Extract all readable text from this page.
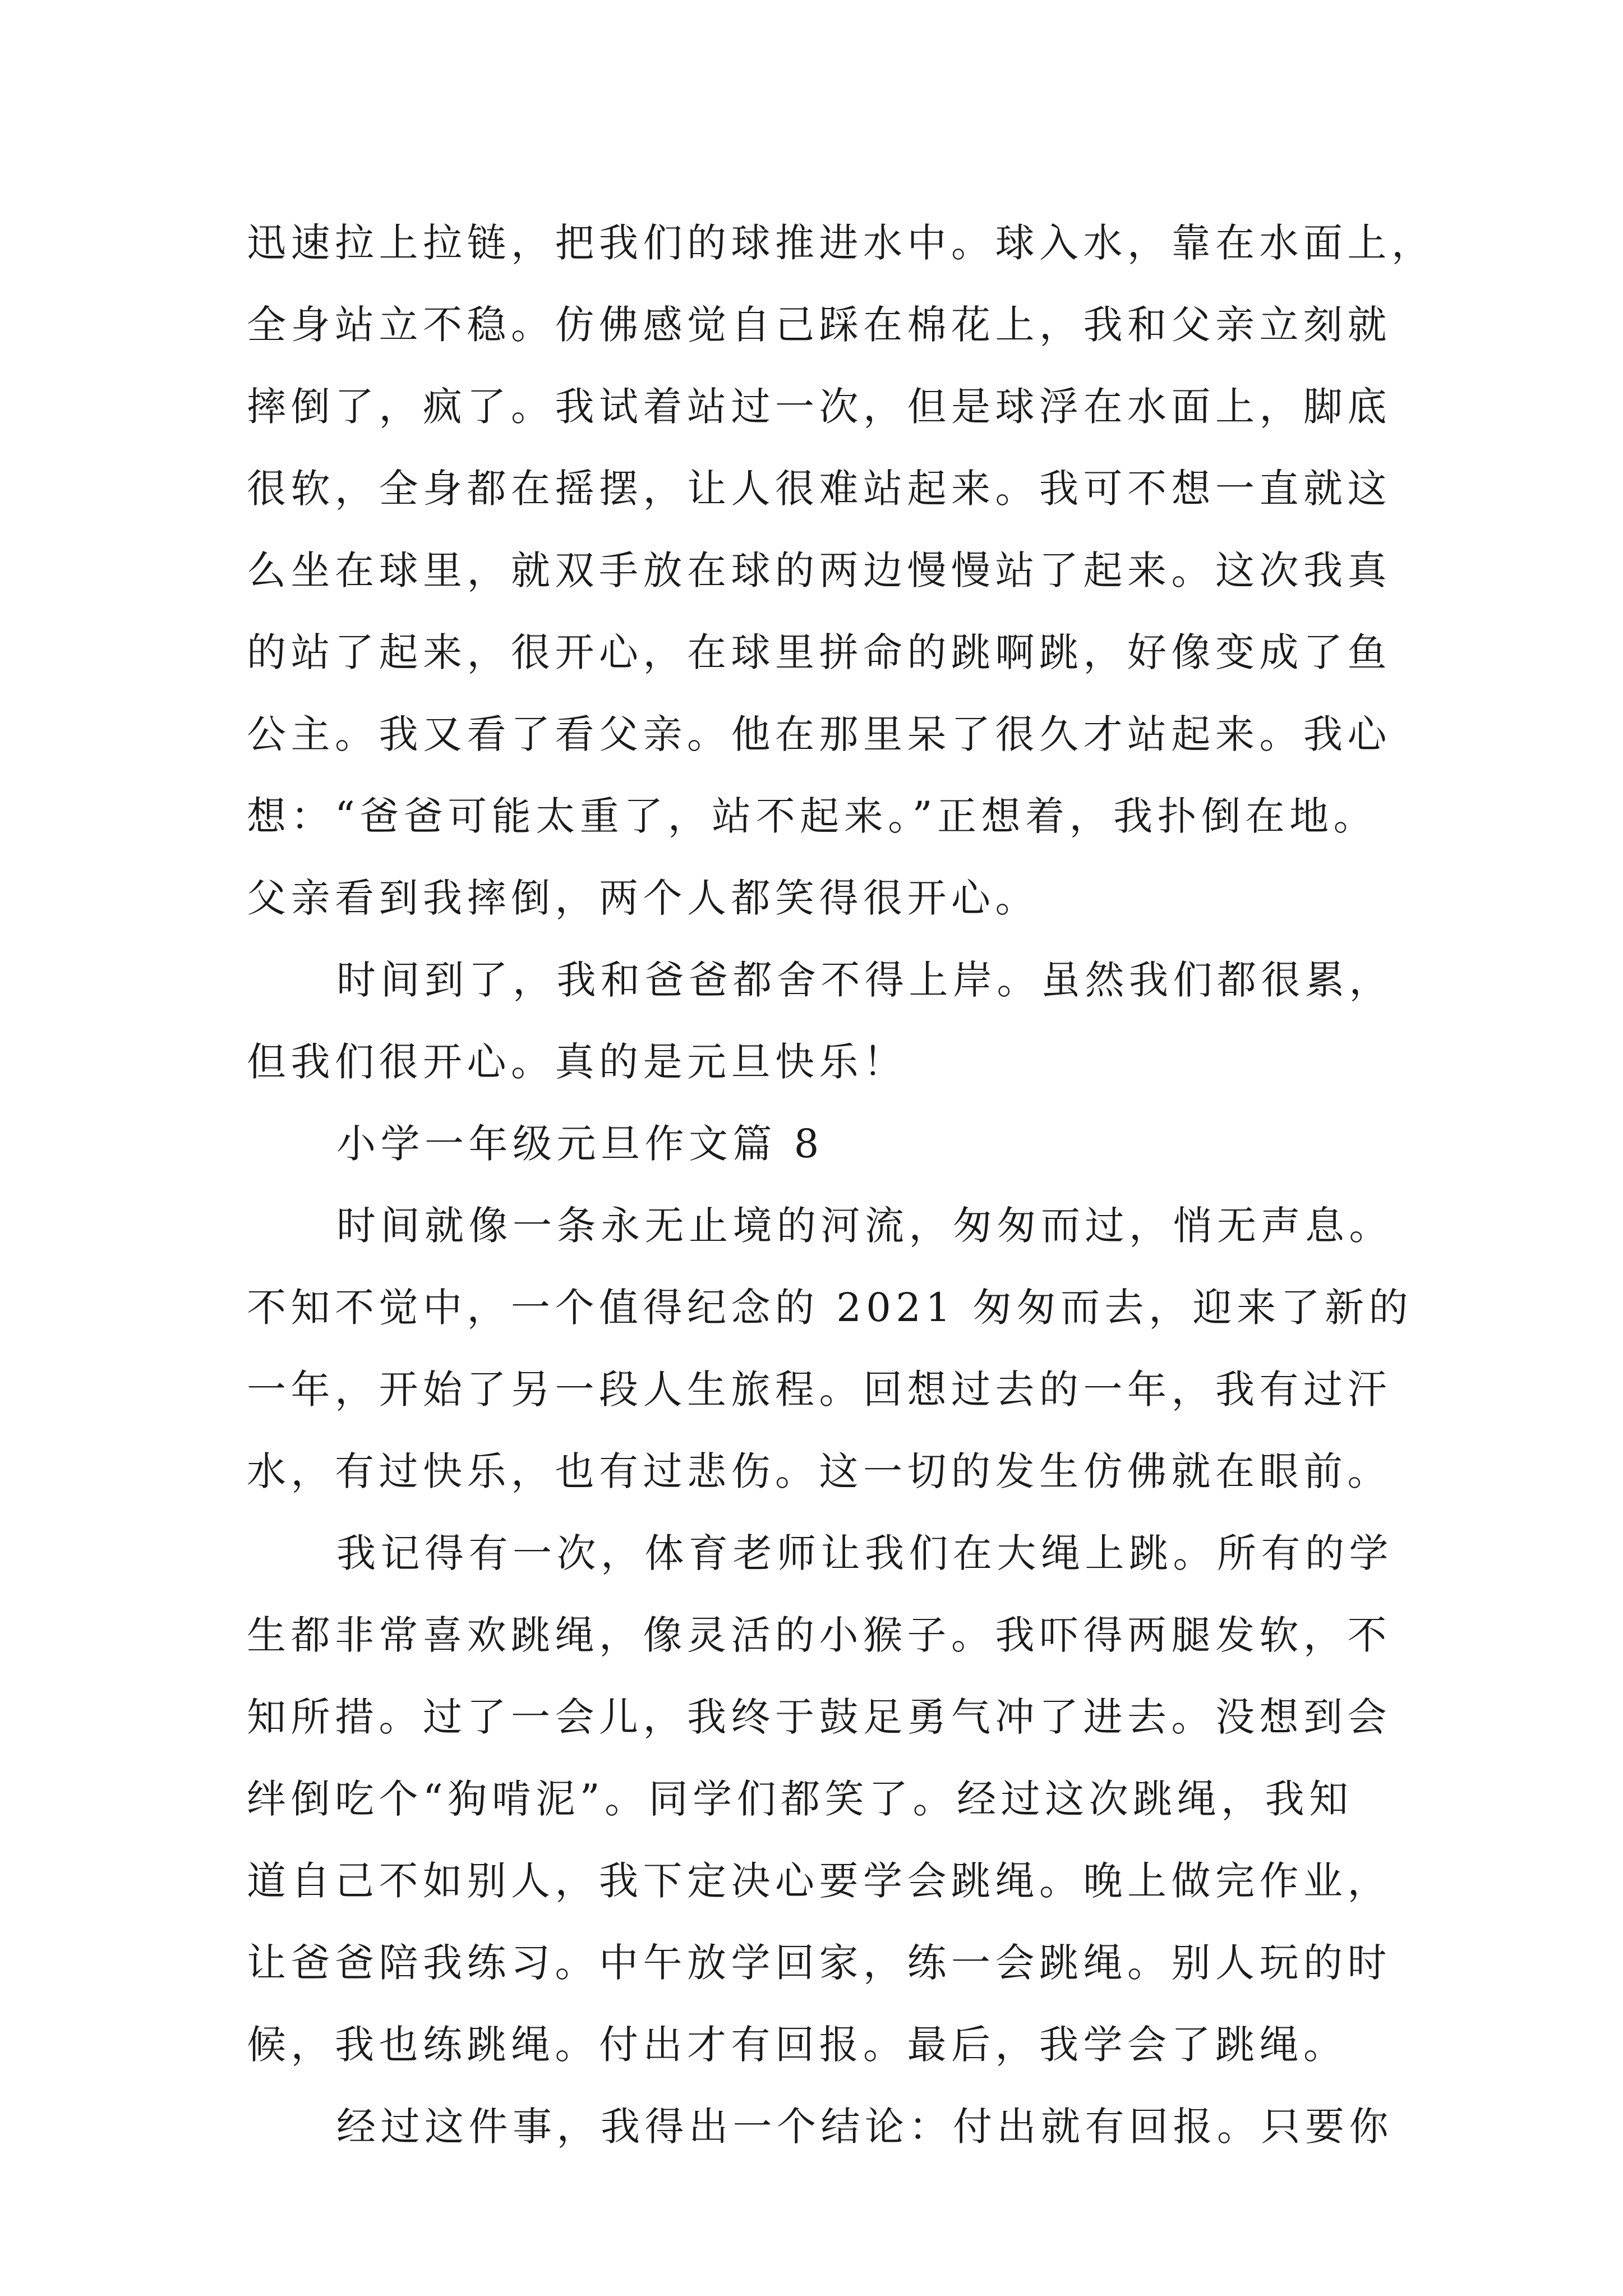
迅速拉上拉链，把我们的球推进水中。球入水，靠在水面上，
全身站立不稳。仿佛感觉自己踩在棉花上，我和父亲立刻就
摔倒了，疯了。我试着站过一次，但是球浮在水面上，脚底
很软，全身都在摇摆，让人很难站起来。我可不想一直就这
么坐在球里，就双手放在球的两边慢慢站了起来。这次我真
的站了起来，很开心，在球里拼命的跳啊跳，好像变成了鱼
公主。我又看了看父亲。他在那里呆了很久才站起来。我心
想：“爸爸可能太重了，站不起来。”正想着，我扑倒在地。
父亲看到我摔倒，两个人都笑得很开心。
时间到了，我和爸爸都舍不得上岸。虽然我们都很累，
但我们很开心。真的是元旦快乐！
小学一年级元旦作文篇 8
时间就像一条永无止境的河流，匆匆而过，悄无声息。
不知不觉中，一个值得纪念的 2021 匆匆而去，迎来了新的
一年，开始了另一段人生旅程。回想过去的一年，我有过汗
水，有过快乐，也有过悲伤。这一切的发生仿佛就在眼前。
我记得有一次，体育老师让我们在大绳上跳。所有的学
生都非常喜欢跳绳，像灵活的小猴子。我吓得两腿发软，不
知所措。过了一会儿，我终于鼓足勇气冲了进去。没想到会
绊倒吃个“狗啃泥”。同学们都笑了。经过这次跳绳，我知
道自己不如别人，我下定决心要学会跳绳。晚上做完作业，
让爸爸陪我练习。中午放学回家，练一会跳绳。别人玩的时
候，我也练跳绳。付出才有回报。最后，我学会了跳绳。
经过这件事，我得出一个结论：付出就有回报。只要你
